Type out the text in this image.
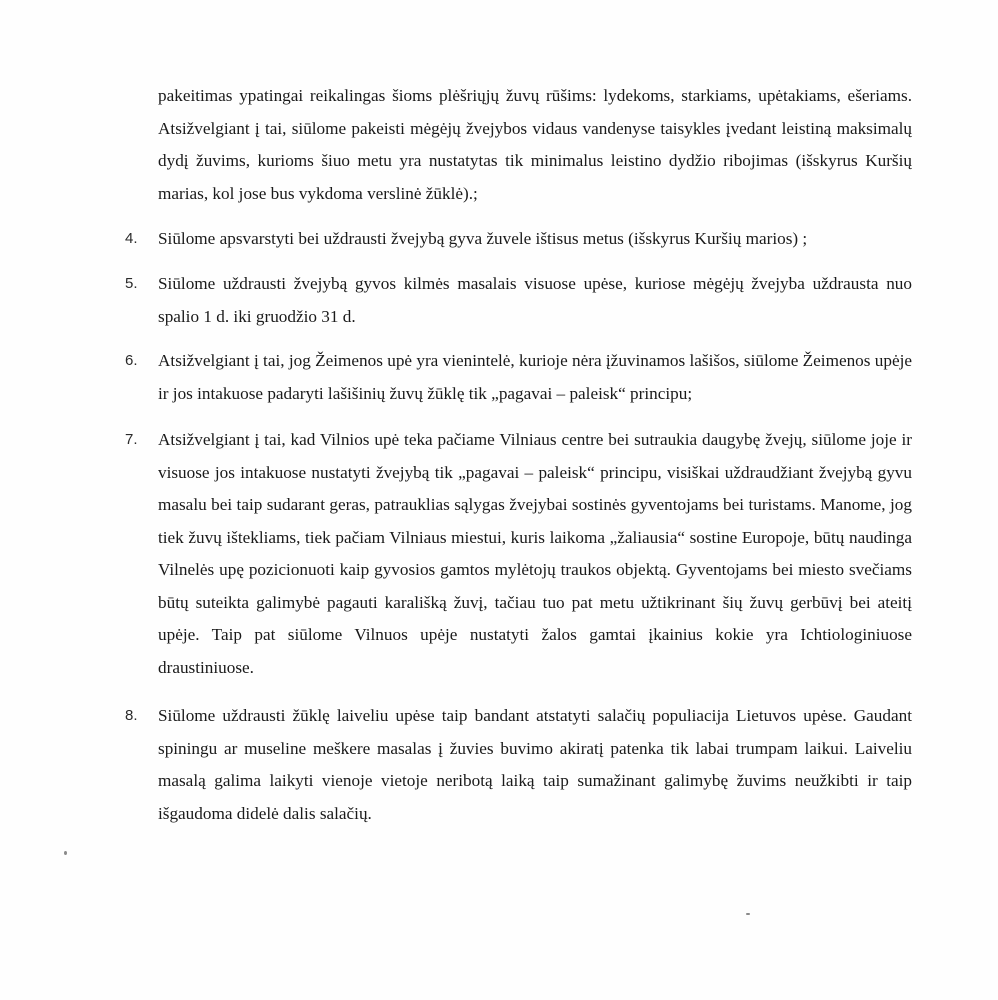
pakeitimas ypatingai reikalingas šioms plėšriųjų žuvų rūšims: lydekoms, starkiams, upėtakiams, ešeriams. Atsižvelgiant į tai, siūlome pakeisti mėgėjų žvejybos vidaus vandenyse taisykles įvedant leistiną maksimalų dydį žuvims, kurioms šiuo metu yra nustatytas tik minimalus leistino dydžio ribojimas (išskyrus Kuršių marias, kol jose bus vykdoma verslinė žūklė).;

4. Siūlome apsvarstyti bei uždrausti žvejybą gyva žuvele ištisus metus (išskyrus Kuršių marios) ;

5. Siūlome uždrausti žvejybą gyvos kilmės masalais visuose upėse, kuriose mėgėjų žvejyba uždrausta nuo spalio 1 d. iki gruodžio 31 d.

6. Atsižvelgiant į tai, jog Žeimenos upė yra vienintelė, kurioje nėra įžuvinamos lašišos, siūlome Žeimenos upėje ir jos intakuose padaryti lašišinių žuvų žūklę tik „pagavai – paleisk“ principu;

7. Atsižvelgiant į tai, kad Vilnios upė teka pačiame Vilniaus centre bei sutraukia daugybę žvejų, siūlome joje ir visuose jos intakuose nustatyti žvejybą tik „pagavai – paleisk“ principu, visiškai uždraudžiant žvejybą gyvu masalu bei taip sudarant geras, patrauklias sąlygas žvejybai sostinės gyventojams bei turistams. Manome, jog tiek žuvų ištekliams, tiek pačiam Vilniaus miestui, kuris laikoma „žaliausia“ sostine Europoje, būtų naudinga Vilnelės upę pozicionuoti kaip gyvosios gamtos mylėtojų traukos objektą. Gyventojams bei miesto svečiams būtų suteikta galimybė pagauti karališką žuvį, tačiau tuo pat metu užtikrinant šių žuvų gerbūvį bei ateitį upėje. Taip pat siūlome Vilnuos upėje nustatyti žalos gamtai įkainius kokie yra Ichtiologiniuose draustiniuose.

8. Siūlome uždrausti žūklę laiveliu upėse taip bandant atstatyti salačių populiacija Lietuvos upėse. Gaudant spiningu ar museline meškere masalas į žuvies buvimo akiratį patenka tik labai trumpam laikui. Laiveliu masalą galima laikyti vienoje vietoje neribotą laiką taip sumažinant galimybę žuvims neužkibti ir taip išgaudoma didelė dalis salačių.
